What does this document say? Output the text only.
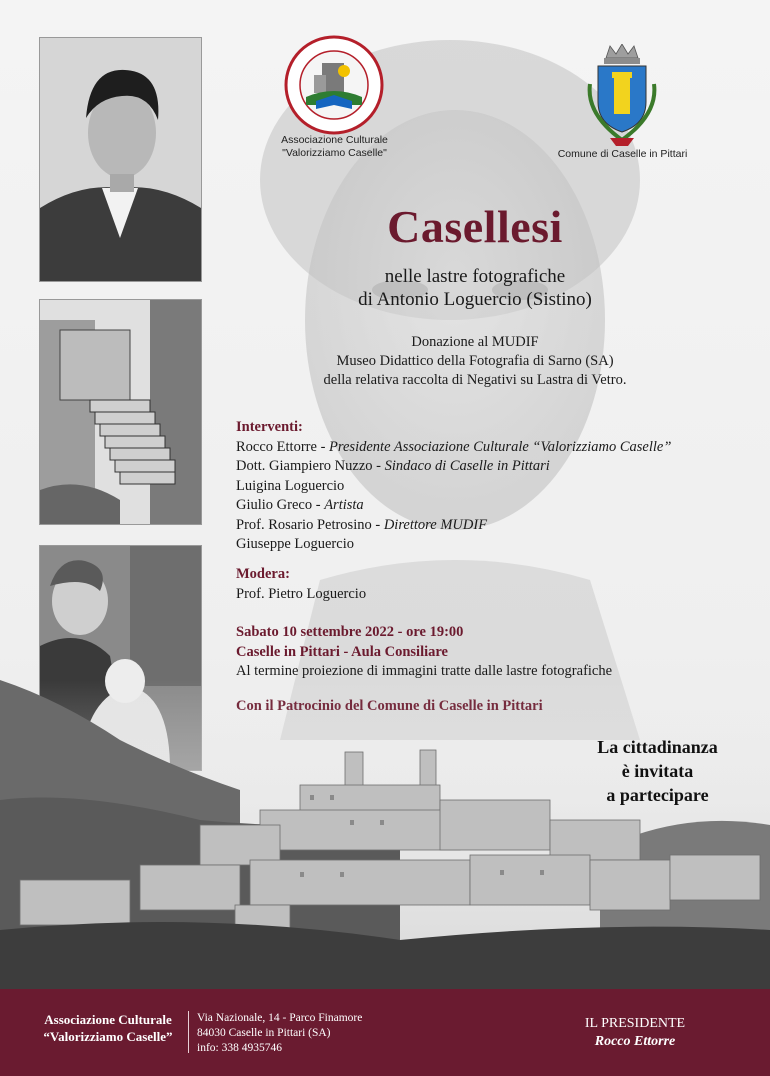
Associazione Culturale
"Valorizziamo Caselle"	Comune di Caselle in Pittari
Casellesi
nelle lastre fotografiche
di Antonio Loguercio (Sistino)
Donazione al MUDIF
Museo Didattico della Fotografia di Sarno (SA)
della relativa raccolta di Negativi su Lastra di Vetro.
Interventi:
Rocco Ettorre - Presidente Associazione Culturale “Valorizziamo Caselle”
Dott. Giampiero Nuzzo - Sindaco di Caselle in Pittari
Luigina Loguercio
Giulio Greco - Artista
Prof. Rosario Petrosino - Direttore MUDIF
Giuseppe Loguercio
Modera:
Prof. Pietro Loguercio
Sabato 10 settembre 2022 - ore 19:00
Caselle in Pittari - Aula Consiliare
Al termine proiezione di immagini tratte dalle lastre fotografiche
La cittadinanza
è invitata
a partecipare
Associazione Culturale
“Valorizziamo Caselle”
Via Nazionale, 14 - Parco Finamore
84030 Caselle in Pittari (SA)
info: 338 4935746
IL PRESIDENTE
Rocco Ettorre
